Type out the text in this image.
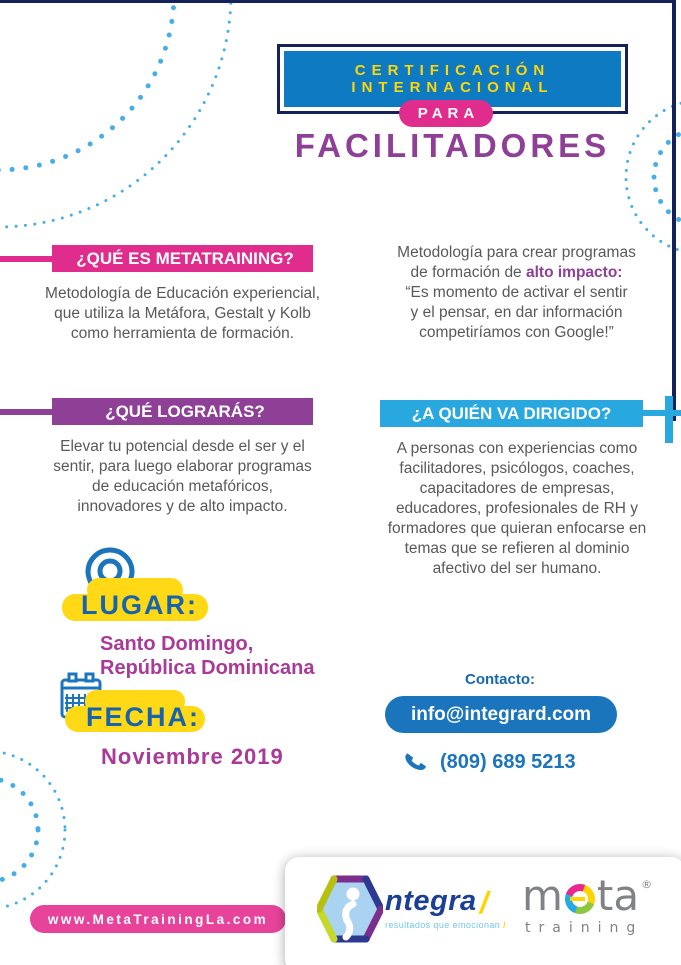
CERTIFICACIÓN
INTERNACIONAL
PARA
FACILITADORES
¿QUÉ ES METATRAINING?
Metodología de Educación experiencial,
que utiliza la Metáfora, Gestalt y Kolb
como herramienta de formación.
Metodología para crear programas
de formación de alto impacto:
“Es momento de activar el sentir
y el pensar, en dar información
competiríamos con Google!”
¿QUÉ LOGRARÁS?
Elevar tu potencial desde el ser y el
sentir, para luego elaborar programas
de educación metafóricos,
innovadores y de alto impacto.
¿A QUIÉN VA DIRIGIDO?
A personas con experiencias como
facilitadores, psicólogos, coaches,
capacitadores de empresas,
educadores, profesionales de RH y
formadores que quieran enfocarse en
temas que se refieren al dominio
afectivo del ser humano.
LUGAR:
Santo Domingo,
República Dominicana
FECHA:
Noviembre 2019
Contacto:
info@integrard.com
(809) 689 5213
www.MetaTrainingLa.com
ntegra /
resultados que emocionan /
m ta ®
training
